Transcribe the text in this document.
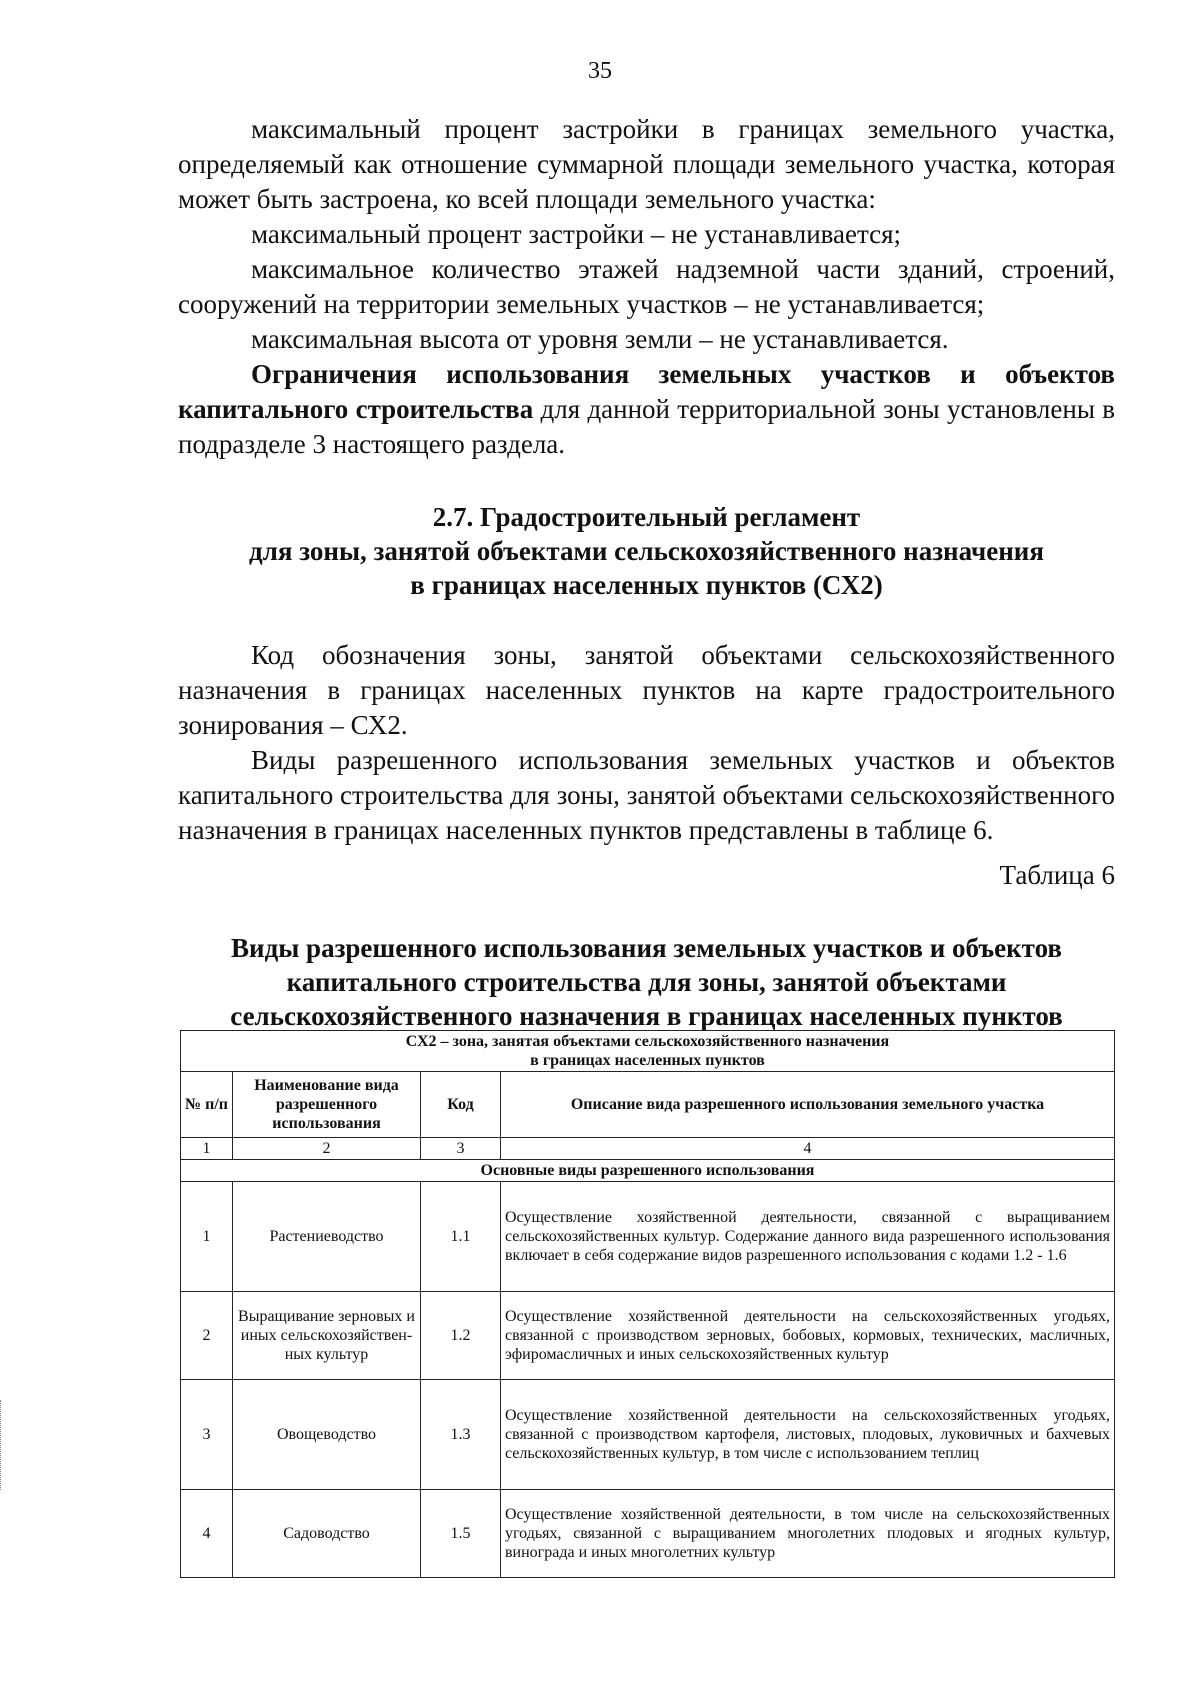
35

максимальный процент застройки в границах земельного участка, определяемый как отношение суммарной площади земельного участка, которая может быть застроена, ко всей площади земельного участка:

максимальный процент застройки – не устанавливается;

максимальное количество этажей надземной части зданий, строений, сооружений на территории земельных участков – не устанавливается;

максимальная высота от уровня земли – не устанавливается.

Ограничения использования земельных участков и объектов капитального строительства для данной территориальной зоны установлены в подразделе 3 настоящего раздела.

2.7. Градостроительный регламент
для зоны, занятой объектами сельскохозяйственного назначения
в границах населенных пунктов (СХ2)

Код обозначения зоны, занятой объектами сельскохозяйственного назначения в границах населенных пунктов на карте градостроительного зонирования – СХ2.

Виды разрешенного использования земельных участков и объектов капитального строительства для зоны, занятой объектами сельскохозяйственного назначения в границах населенных пунктов представлены в таблице 6.

Таблица 6
Виды разрешенного использования земельных участков и объектов
капитального строительства для зоны, занятой объектами
сельскохозяйственного назначения в границах населенных пунктов
СХ2 – зона, занятая объектами сельскохозяйственного назначения
в границах населенных пунктов			

№ п/п	Наименование вида разрешенного использования	Код	Описание вида разрешенного использования земельного участка
1	2	3	4
Основные виды разрешенного использования			
1	Растениеводство	1.1	Осуществление хозяйственной деятельности, связанной с выращиванием сельскохозяйственных культур. Содержание данного вида разрешенного использования включает в себя содержание видов разрешенного использования с кодами 1.2 - 1.6
2	Выращивание зерновых и иных сельскохозяйствен-ных культур	1.2	Осуществление хозяйственной деятельности на сельскохозяйственных угодьях, связанной с производством зерновых, бобовых, кормовых, технических, масличных, эфиромасличных и иных сельскохозяйственных культур
3	Овощеводство	1.3	Осуществление хозяйственной деятельности на сельскохозяйственных угодьях, связанной с производством картофеля, листовых, плодовых, луковичных и бахчевых сельскохозяйственных культур, в том числе с использованием теплиц
4	Садоводство	1.5	Осуществление хозяйственной деятельности, в том числе на сельскохозяйственных угодьях, связанной с выращиванием многолетних плодовых и ягодных культур, винограда и иных многолетних культур
